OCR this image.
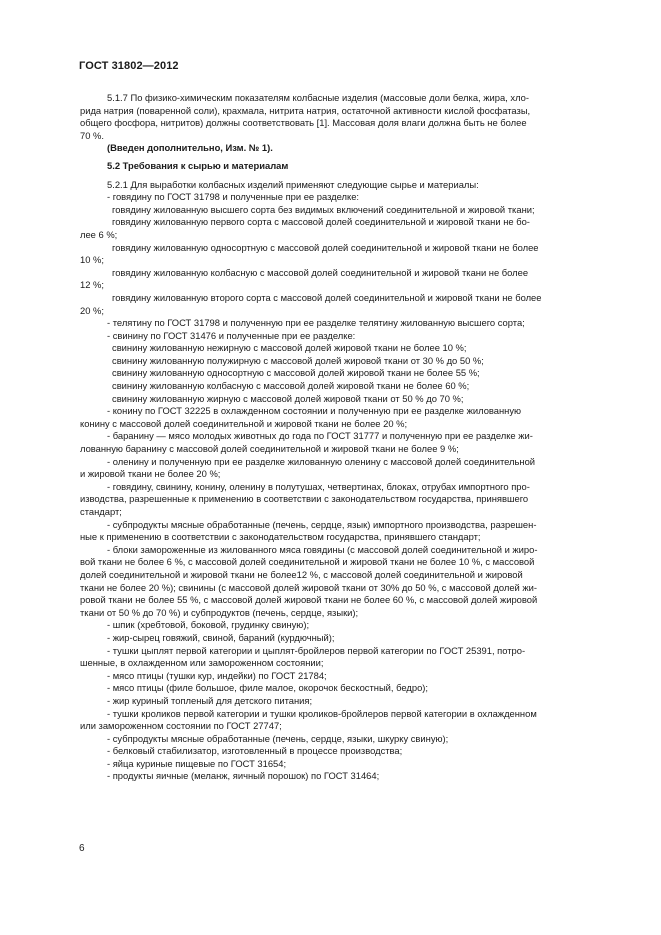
ГОСТ 31802—2012
5.1.7 По физико-химическим показателям колбасные изделия (массовые доли белка, жира, хло-
рида натрия (поваренной соли), крахмала, нитрита натрия, остаточной активности кислой фосфатазы,
общего фосфора, нитритов) должны соответствовать [1]. Массовая доля влаги должна быть не более
70 %.
(Введен дополнительно, Изм. № 1).
5.2 Требования к сырью и материалам
5.2.1 Для выработки колбасных изделий применяют следующие сырье и материалы:
- говядину по ГОСТ 31798 и полученные при ее разделке:
говядину жилованную высшего сорта без видимых включений соединительной и жировой ткани;
говядину жилованную первого сорта с массовой долей соединительной и жировой ткани не бо-
лее 6 %;
говядину жилованную односортную с массовой долей соединительной и жировой ткани не более
10 %;
говядину жилованную колбасную с массовой долей соединительной и жировой ткани не более
12 %;
говядину жилованную второго сорта с массовой долей соединительной и жировой ткани не более
20 %;
- телятину по ГОСТ 31798 и полученную при ее разделке телятину жилованную высшего сорта;
- свинину по ГОСТ 31476 и полученные при ее разделке:
свинину жилованную нежирную с массовой долей жировой ткани не более 10 %;
свинину жилованную полужирную с массовой долей жировой ткани от 30 % до 50 %;
свинину жилованную односортную с массовой долей жировой ткани не более 55 %;
свинину жилованную колбасную с массовой долей жировой ткани не более 60 %;
свинину жилованную жирную с массовой долей жировой ткани от 50 % до 70 %;
- конину по ГОСТ 32225 в охлажденном состоянии и полученную при ее разделке жилованную
конину с массовой долей соединительной и жировой ткани не более 20 %;
- баранину — мясо молодых животных до года по ГОСТ 31777 и полученную при ее разделке жи-
лованную баранину с массовой долей соединительной и жировой ткани не более 9 %;
- оленину и полученную при ее разделке жилованную оленину с массовой долей соединительной
и жировой ткани не более 20 %;
- говядину, свинину, конину, оленину в полутушах, четвертинах, блоках, отрубах импортного про-
изводства, разрешенные к применению в соответствии с законодательством государства, принявшего
стандарт;
- субпродукты мясные обработанные (печень, сердце, язык) импортного производства, разрешен-
ные к применению в соответствии с законодательством государства, принявшего стандарт;
- блоки замороженные из жилованного мяса говядины (с массовой долей соединительной и жиро-
вой ткани не более 6 %, с массовой долей соединительной и жировой ткани не более 10 %, с массовой
долей соединительной и жировой ткани не более12 %, с массовой долей соединительной и жировой
ткани не более 20 %); свинины (с массовой долей жировой ткани от 30% до 50 %, с массовой долей жи-
ровой ткани не более 55 %, с массовой долей жировой ткани не более 60 %, с массовой долей жировой
ткани от 50 % до 70 %) и субпродуктов (печень, сердце, языки);
- шпик (хребтовой, боковой, грудинку свиную);
- жир-сырец говяжий, свиной, бараний (курдючный);
- тушки цыплят первой категории и цыплят-бройлеров первой категории по ГОСТ 25391, потро-
шенные, в охлажденном или замороженном состоянии;
- мясо птицы (тушки кур, индейки) по ГОСТ 21784;
- мясо птицы (филе большое, филе малое, окорочок бескостный, бедро);
- жир куриный топленый для детского питания;
- тушки кроликов первой категории и тушки кроликов-бройлеров первой категории в охлажденном
или замороженном состоянии по ГОСТ 27747;
- субпродукты мясные обработанные (печень, сердце, языки, шкурку свиную);
- белковый стабилизатор, изготовленный в процессе производства;
- яйца куриные пищевые по ГОСТ 31654;
- продукты яичные (меланж, яичный порошок) по ГОСТ 31464;
6
